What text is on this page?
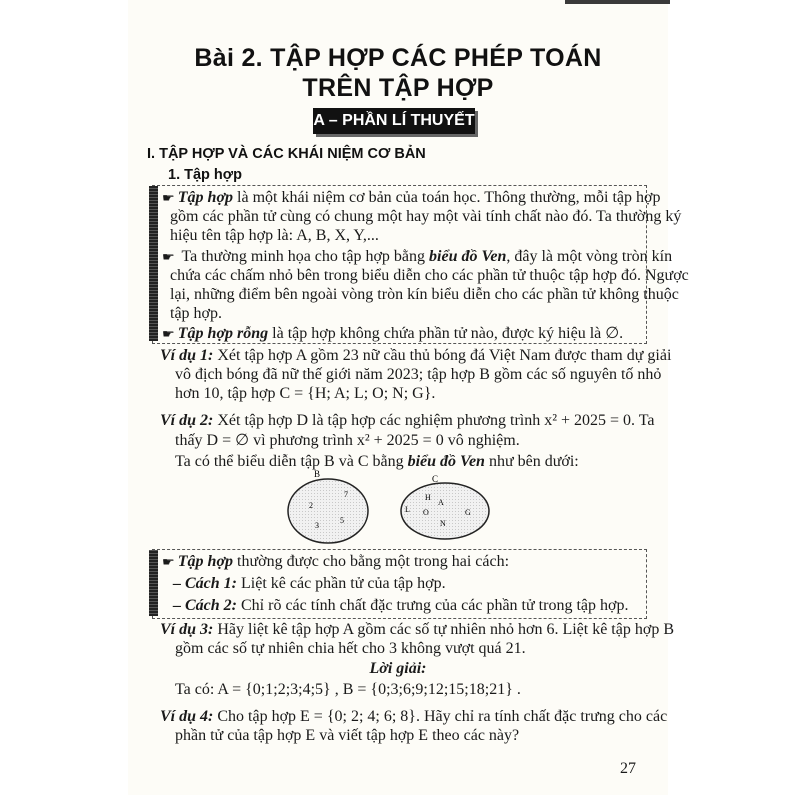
Bài 2. TẬP HỢP CÁC PHÉP TOÁN
TRÊN TẬP HỢP
A – PHẦN LÍ THUYẾT
I. TẬP HỢP VÀ CÁC KHÁI NIỆM CƠ BẢN
1. Tập hợp
☛ Tập hợp là một khái niệm cơ bản của toán học. Thông thường, mỗi tập hợp
gồm các phần tử cùng có chung một hay một vài tính chất nào đó. Ta thường ký
hiệu tên tập hợp là: A, B, X, Y,...
☛ Ta thường minh họa cho tập hợp bằng biểu đồ Ven, đây là một vòng tròn kín
chứa các chấm nhỏ bên trong biểu diễn cho các phần tử thuộc tập hợp đó. Ngược
lại, những điểm bên ngoài vòng tròn kín biểu diễn cho các phần tử không thuộc
tập hợp.
☛ Tập hợp rỗng là tập hợp không chứa phần tử nào, được ký hiệu là ∅.
Ví dụ 1: Xét tập hợp A gồm 23 nữ cầu thủ bóng đá Việt Nam được tham dự giải
vô địch bóng đã nữ thế giới năm 2023; tập hợp B gồm các số nguyên tố nhỏ
hơn 10, tập hợp C = {H; A; L; O; N; G}.
Ví dụ 2: Xét tập hợp D là tập hợp các nghiệm phương trình x² + 2025 = 0. Ta
thấy D = ∅ vì phương trình x² + 2025 = 0 vô nghiệm.
Ta có thể biểu diễn tập B và C bằng biểu đồ Ven như bên dưới:
B
2
7
3
5
C
H
A
L O	G
N
☛ Tập hợp thường được cho bằng một trong hai cách:
– Cách 1: Liệt kê các phần tử của tập hợp.
– Cách 2: Chỉ rõ các tính chất đặc trưng của các phần tử trong tập hợp.
Ví dụ 3: Hãy liệt kê tập hợp A gồm các số tự nhiên nhỏ hơn 6. Liệt kê tập hợp B
gồm các số tự nhiên chia hết cho 3 không vượt quá 21.
Lời giải:
Ta có: A = {0;1;2;3;4;5} , B = {0;3;6;9;12;15;18;21} .
Ví dụ 4: Cho tập hợp E = {0; 2; 4; 6; 8}. Hãy chỉ ra tính chất đặc trưng cho các
phần tử của tập hợp E và viết tập hợp E theo các này?
27
